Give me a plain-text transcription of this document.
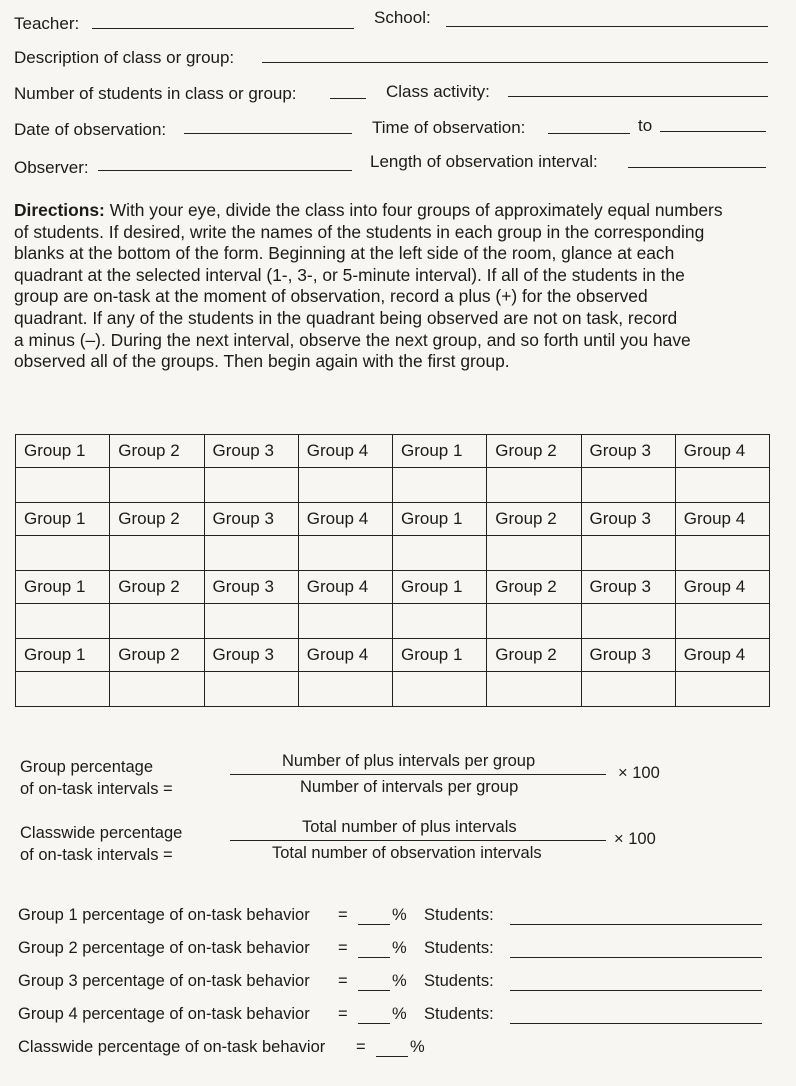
Teacher:	School:
Description of class or group:
Number of students in class or group:	Class activity:
Date of observation:	Time of observation:	to
Observer:	Length of observation interval:
Directions: With your eye, divide the class into four groups of approximately equal numbers
of students. If desired, write the names of the students in each group in the corresponding
blanks at the bottom of the form. Beginning at the left side of the room, glance at each
quadrant at the selected interval (1-, 3-, or 5-minute interval). If all of the students in the
group are on-task at the moment of observation, record a plus (+) for the observed
quadrant. If any of the students in the quadrant being observed are not on task, record
a minus (–). During the next interval, observe the next group, and so forth until you have
observed all of the groups. Then begin again with the first group.
Group 1	Group 2	Group 3	Group 4	Group 1	Group 2	Group 3	Group 4

Group 1	Group 2	Group 3	Group 4	Group 1	Group 2	Group 3	Group 4

Group 1	Group 2	Group 3	Group 4	Group 1	Group 2	Group 3	Group 4

Group 1	Group 2	Group 3	Group 4	Group 1	Group 2	Group 3	Group 4

Group percentage
of on-task intervals =
Number of plus intervals per group
Number of intervals per group
× 100
Classwide percentage
of on-task intervals =
Total number of plus intervals
Total number of observation intervals
× 100
Group 1 percentage of on-task behavior =	% Students:
Group 2 percentage of on-task behavior =	% Students:
Group 3 percentage of on-task behavior =	% Students:
Group 4 percentage of on-task behavior =	% Students:
Classwide percentage of on-task behavior =	%
